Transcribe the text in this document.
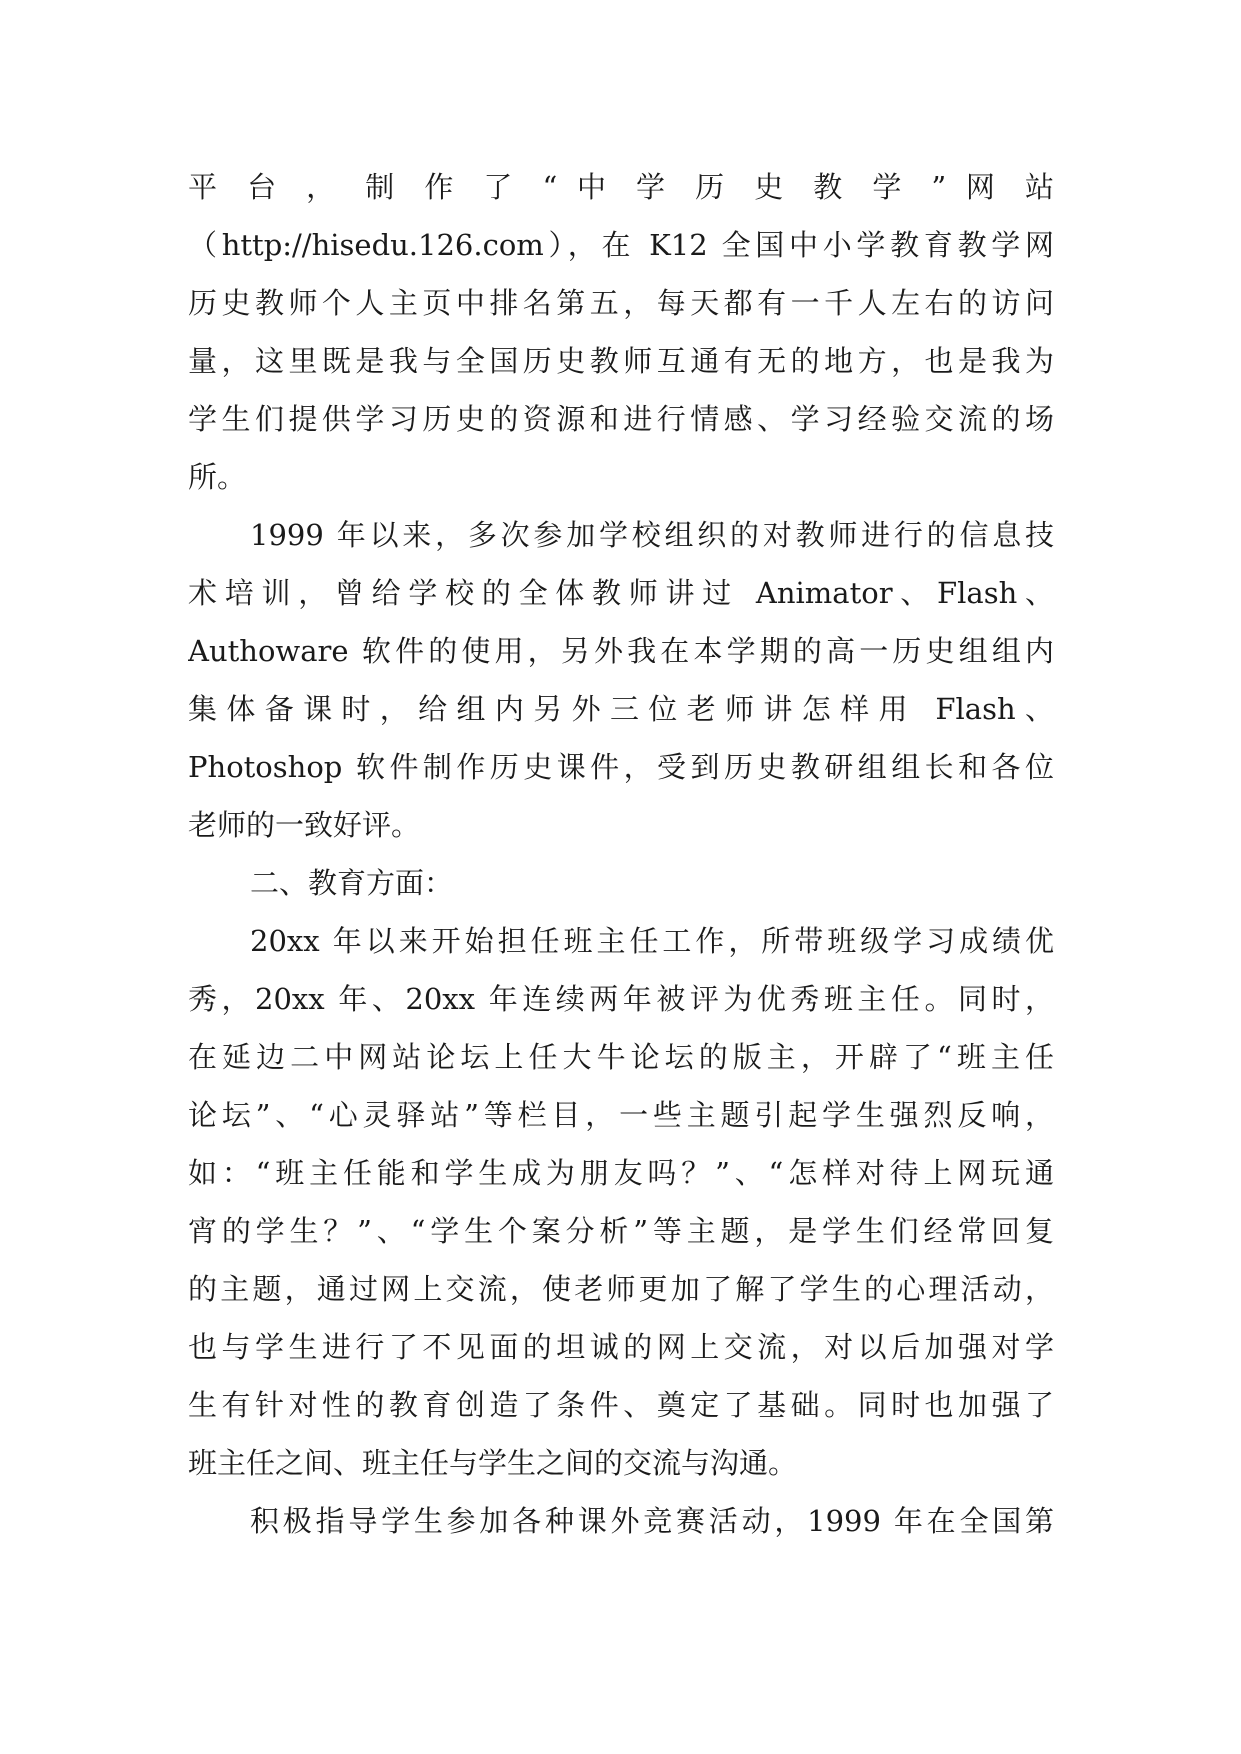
平 台 ， 制 作 了 “ 中 学 历 史 教 学 ” 网 站
（http://hisedu.126.com），在 K12 全国中小学教育教学网
历史教师个人主页中排名第五，每天都有一千人左右的访问
量，这里既是我与全国历史教师互通有无的地方，也是我为
学生们提供学习历史的资源和进行情感、学习经验交流的场
所。
1999 年以来，多次参加学校组织的对教师进行的信息技
术培训，曾给学校的全体教师讲过 Animator、Flash、
Authoware 软件的使用，另外我在本学期的高一历史组组内
集体备课时，给组内另外三位老师讲怎样用 Flash、
Photoshop 软件制作历史课件，受到历史教研组组长和各位
老师的一致好评。
二、教育方面：
20xx 年以来开始担任班主任工作，所带班级学习成绩优
秀，20xx 年、20xx 年连续两年被评为优秀班主任。同时，
在延边二中网站论坛上任大牛论坛的版主，开辟了“班主任
论坛”、“心灵驿站”等栏目，一些主题引起学生强烈反响，
如：“班主任能和学生成为朋友吗？”、“怎样对待上网玩通
宵的学生？”、“学生个案分析”等主题，是学生们经常回复
的主题，通过网上交流，使老师更加了解了学生的心理活动，
也与学生进行了不见面的坦诚的网上交流，对以后加强对学
生有针对性的教育创造了条件、奠定了基础。同时也加强了
班主任之间、班主任与学生之间的交流与沟通。
积极指导学生参加各种课外竞赛活动，1999 年在全国第
